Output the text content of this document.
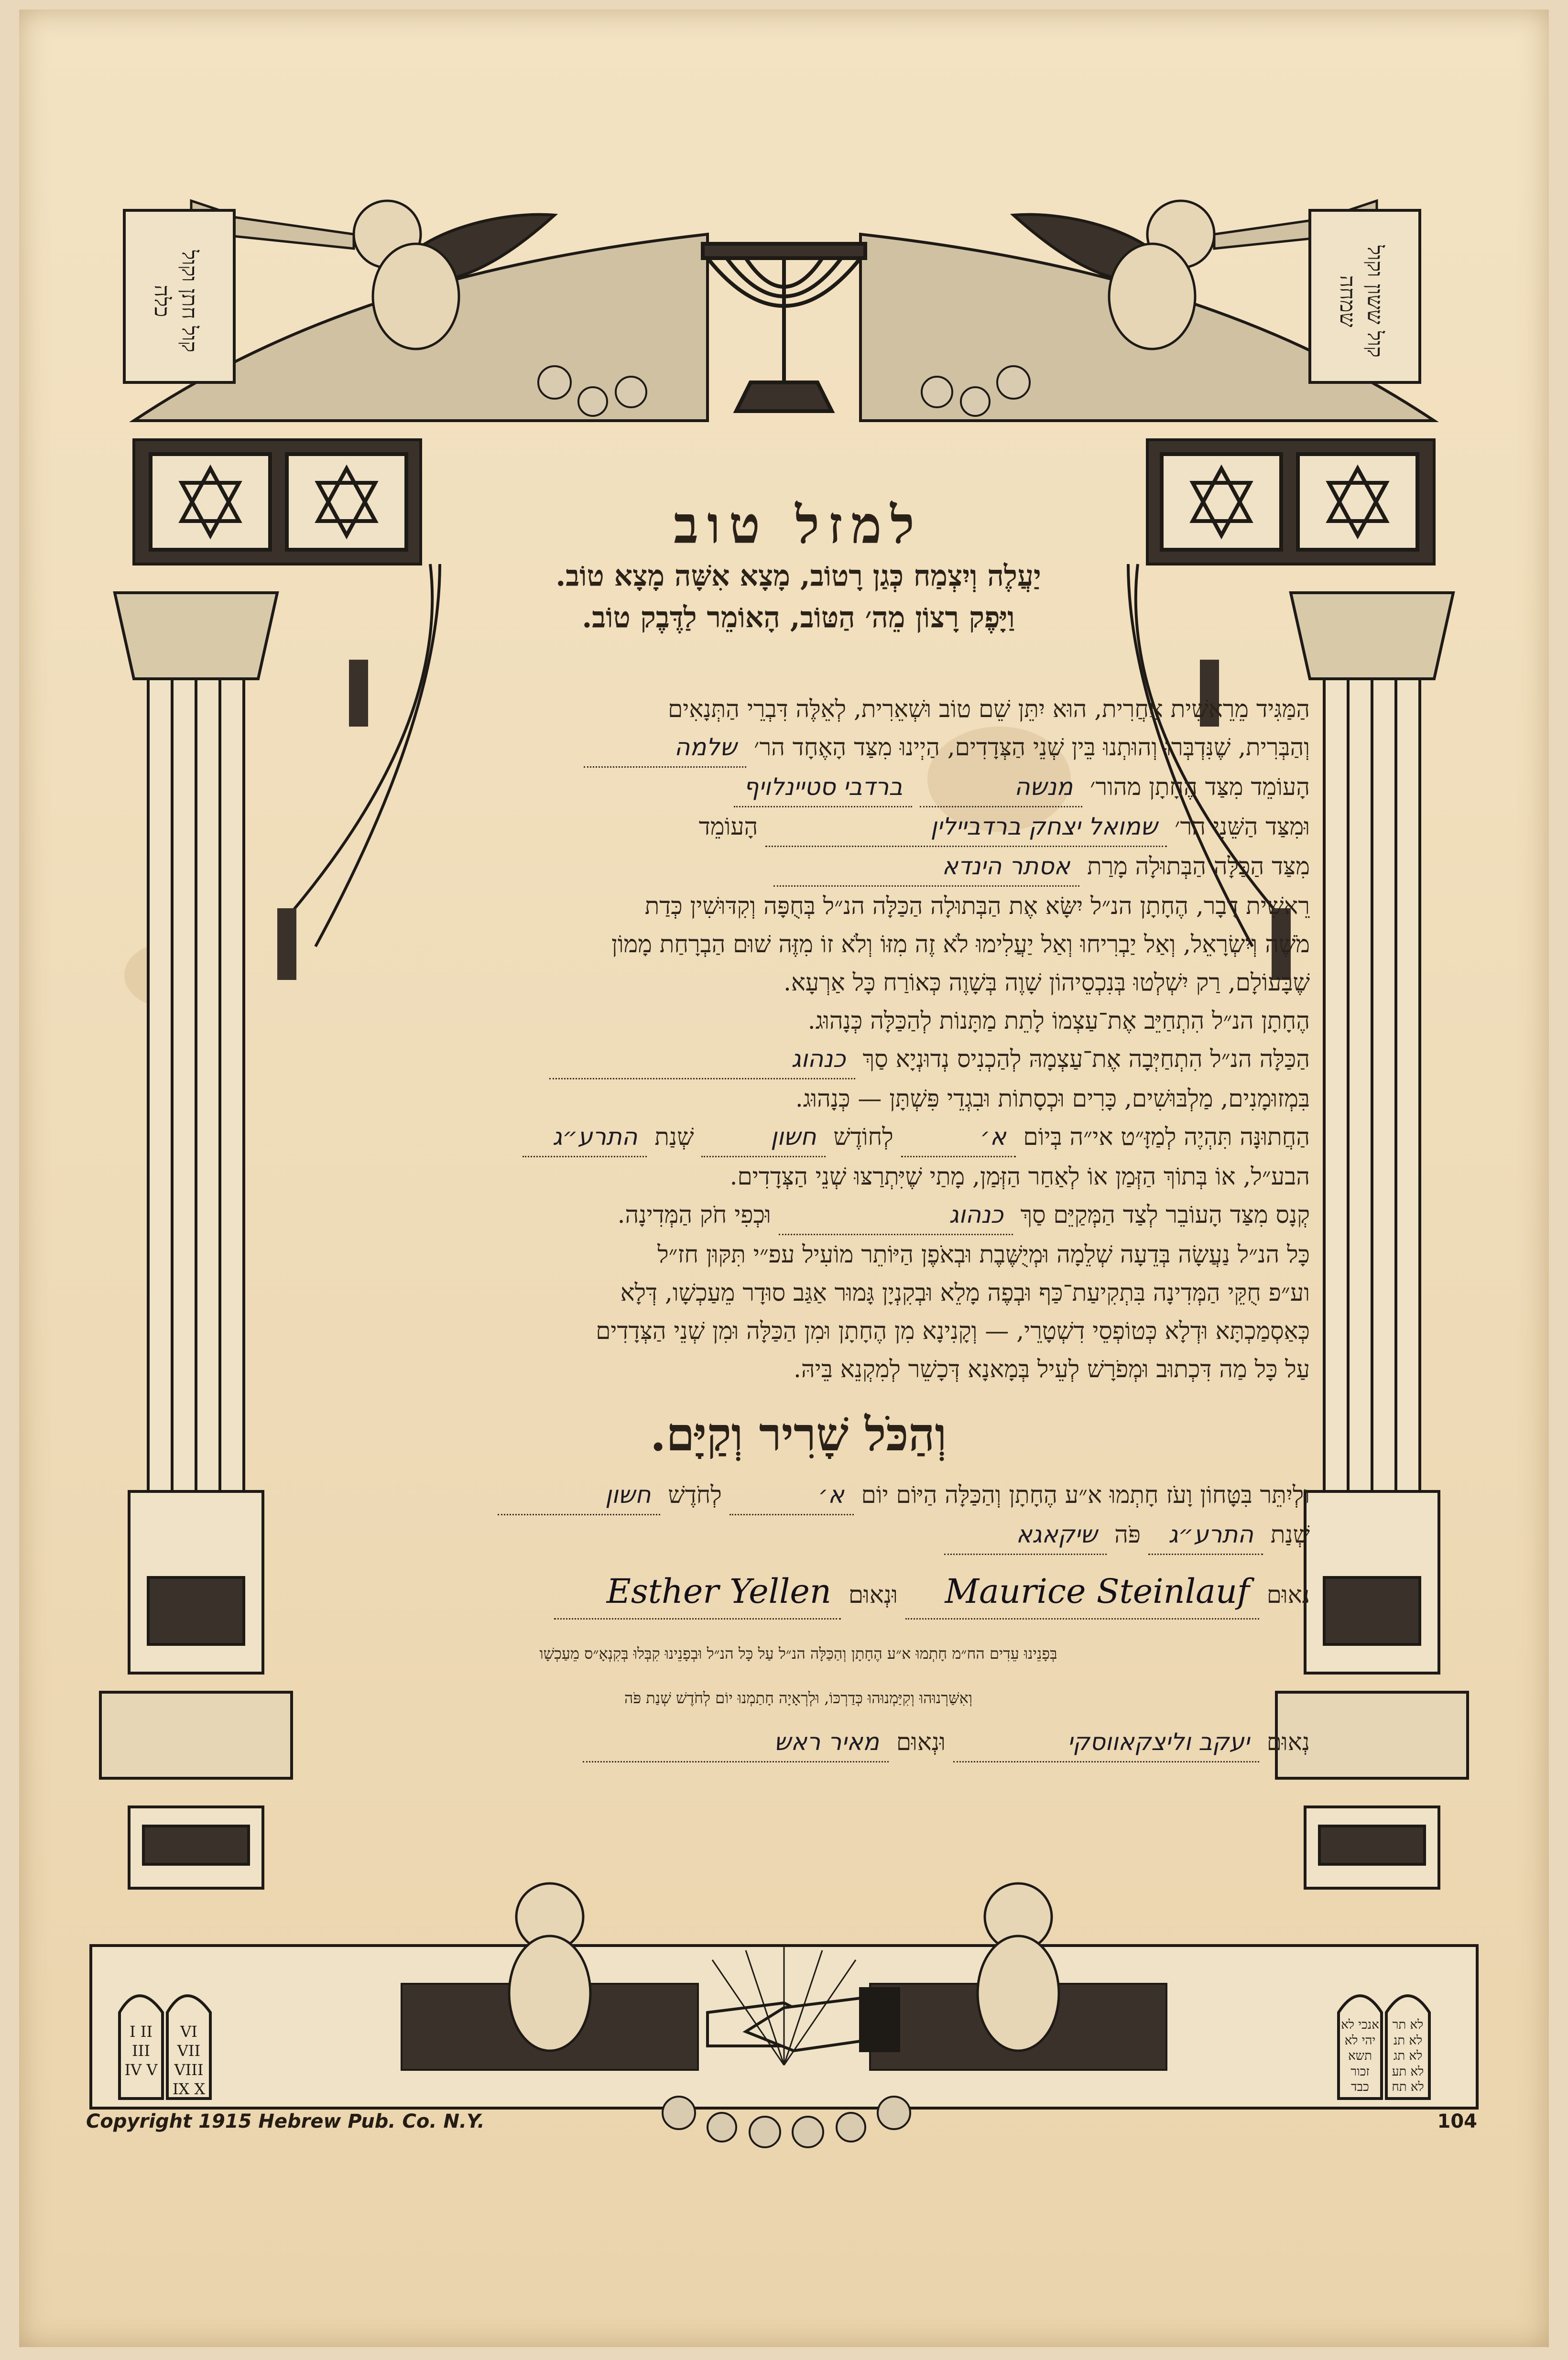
קול חתן וקול כלה	קול ששון וקול שמחה
I II III IV V
VI VII VIII IX X
אנכי לא יהי לא תשא זכור כבד
לא תר לא תנ לא תג לא תע לא תח

למזל טוב

יַעֲלֶה וְיִצְמַח כְּגַן רָטוֹב, מָצָא אִשָּׁה מָצָא טוֹב.

וַיָּפֶק רָצוֹן מֵה׳ הַטּוֹב, הָאוֹמֵר לַדֶּבֶק טוֹב.

הַמַּגִּיד מֵרֵאשִׁית אַחֲרִית, הוּא יִתֵּן שֵׁם טוֹב וּשְׁאֵרִית, לְאֵלֶּה דִּבְרֵי הַתְּנָאִים

וְהַבְּרִית, שֶׁנִּדְבְּרוּ וְהוּתְנוּ בֵּין שְׁנֵי הַצְּדָדִים, הַיְינוּ מִצַּד הָאֶחָד הר׳ שלמה

הָעוֹמֵד מִצַּד הֶחָתָן מהור׳ מנשה ברדבי סטיינלויף

וּמִצַּד הַשֵּׁנִי הר׳ שמואל יצחק ברדביילין הָעוֹמֵד

מִצַּד הַכַּלָּה הַבְּתוּלָה מָרַת אסתר הינדא

רֵאשִׁית דָּבָר, הֶחָתָן הנ״ל יִשָּׂא אֶת הַבְּתוּלָה הַכַּלָּה הנ״ל בְּחֻפָּה וְקִדּוּשִׁין כְּדַת

מֹשֶׁה וְיִשְׂרָאֵל, וְאַל יַבְרִיחוּ וְאַל יַעֲלִימוּ לֹא זֶה מִזּוֹ וְלֹא זוֹ מִזֶּה שׁוּם הַבְרָחַת מָמוֹן

שֶׁבָּעוֹלָם, רַק יִשְׁלְטוּ בְּנִכְסֵיהוֹן שָׁוֶה בְּשָׁוֶה כְּאוֹרַח כָּל אַרְעָא.

הֶחָתָן הנ״ל הִתְחַיֵּב אֶת־עַצְמוֹ לָתֵת מַתָּנוֹת לְהַכַּלָּה כְּנָהוּג.

הַכַּלָּה הנ״ל הִתְחַיְּבָה אֶת־עַצְמָהּ לְהַכְנִיס נְדוּנְיָא סַךְ כנהוג

בִּמְזוּמָנִים, מַלְבּוּשִׁים, כָּרִים וּכְסָתוֹת וּבִגְדֵי פִּשְׁתָּן — כְּנָהוּג.

הַחֲתוּנָּה תִּהְיֶה לְמַזָּ״ט אי״ה בְּיוֹם א׳ לְחוֹדֶשׁ חשון שְׁנַת התרע״ג

הבע״ל, אוֹ בְּתוֹךְ הַזְּמַן אוֹ לְאַחַר הַזְּמַן, מָתַי שֶׁיִּתְרַצּוּ שְׁנֵי הַצְּדָדִים.

קְנָס מִצַּד הָעוֹבֵר לְצַד הַמְּקַיֵּם סַךְ כנהוג וּכְפִי חֹק הַמְּדִינָה.

כָּל הנ״ל נַעֲשָׂה בְּדֵעָה שְׁלֵמָה וּמְיֻשֶּׁבֶת וּבְאֹפֶן הַיּוֹתֵר מוֹעִיל עפ״י תִּקּוּן חז״ל

וע״פ חֻקֵּי הַמְּדִינָה בִּתְקִיעַת־כַּף וּבְפֶה מָלֵא וּבְקִנְיָן גָּמוּר אַגַּב סוּדָר מֵעַכְשָׁו, דְּלָא

כְּאַסְמַכְתָּא וּדְלָא כְּטוֹפְסֵי דִשְׁטָרֵי, — וְקָנִינָא מִן הֶחָתָן וּמִן הַכַּלָּה וּמִן שְׁנֵי הַצְּדָדִים

עַל כָּל מַה דִּכְתוּב וּמְפֹרָשׁ לְעֵיל בְּמָאנָא דְּכָשֵׁר לְמִקְנֵא בֵּיהּ.

וְהַכֹּל שָׁרִיר וְקַיָּם.

וּלְיִתֵּר בִּטָּחוֹן וָעֹז חָתְמוּ א״ע הֶחָתָן וְהַכַּלָּה הַיּוֹם יוֹם א׳ לְחֹדֶשׁ חשון

שְׁנַת התרע״ג פֹּה שיקאגא

נְאוּם Maurice Steinlauf וּנְאוּם Esther Yellen

בְּפָנֵינוּ עֵדִים הח״מ חָתְמוּ א״ע הֶחָתָן וְהַכַּלָּה הנ״ל עַל כָּל הנ״ל וּבְפָנֵינוּ קִבְּלוּ בְּקִנְאָ״ס מֵעַכְשָׁו

וְאִשַּׁרְנוּהוּ וְקִיַּמְנוּהוּ כְּדַרְכּוֹ, וּלְרְאָיָה חָתַמְנוּ יוֹם לְחֹדֶשׁ שְׁנַת פֹּה

נְאוּם יעקב וליצקאווסקי וּנְאוּם מאיר ראש

Copyright 1915 Hebrew Pub. Co. N.Y.	104
